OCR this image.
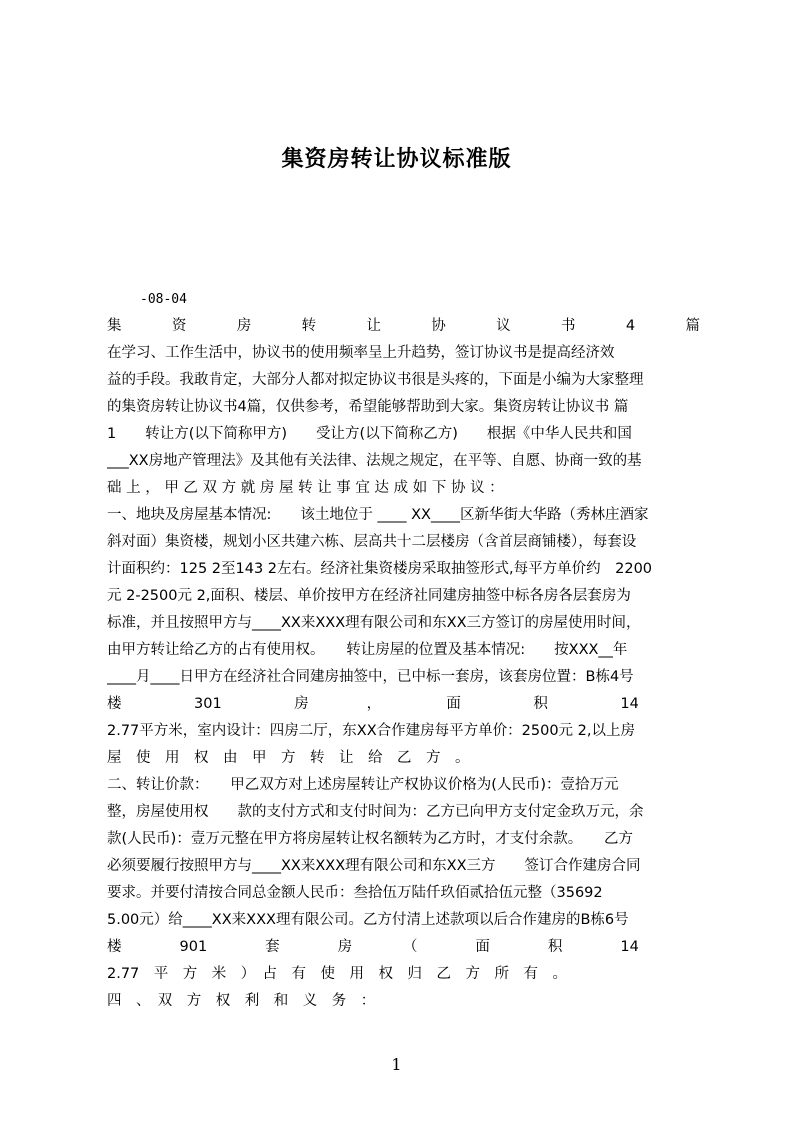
集资房转让协议标准版
-08-04
集	资	房	转	让	协	议	书	4	篇
在学习、工作生活中，协议书的使用频率呈上升趋势，签订协议书是提高经济效
益的手段。我敢肯定，大部分人都对拟定协议书很是头疼的，下面是小编为大家整理
的集资房转让协议书4篇，仅供参考，希望能够帮助到大家。集资房转让协议书 篇
1　　转让方(以下简称甲方)　　受让方(以下简称乙方)　　根据《中华人民共和国
___XX房地产管理法》及其他有关法律、法规之规定，在平等、自愿、协商一致的基
础 上 ， 甲 乙 双 方 就 房 屋 转 让 事 宜 达 成 如 下 协 议 ：
一、地块及房屋基本情况:　　该土地位于 ____ XX____区新华街大华路（秀林庄酒家
斜对面）集资楼，规划小区共建六栋、层高共十二层楼房（含首层商铺楼），每套设
计面积约：125 2至143 2左右。经济社集资楼房采取抽签形式,每平方单价约　2200
元 2-2500元 2,面积、楼层、单价按甲方在经济社同建房抽签中标各房各层套房为
标准，并且按照甲方与____XX来XXX理有限公司和东XX三方签订的房屋使用时间，
由甲方转让给乙方的占有使用权。　　转让房屋的位置及基本情况:　　按XXX__年
____月____日甲方在经济社合同建房抽签中，已中标一套房，该套房位置：B栋4号
楼　　　　　301　　　　　房　　　　，　　　　　面　　　　　积　　　　　14
2.77平方米，室内设计：四房二厅，东XX合作建房每平方单价：2500元 2,以上房
屋　使　用　权　由　甲　方　转　让　给　乙　方　。
二、转让价款：　　甲乙双方对上述房屋转让产权协议价格为(人民币)：壹拾万元
整，房屋使用权　　款的支付方式和支付时间为：乙方已向甲方支付定金玖万元，余
款(人民币)：壹万元整在甲方将房屋转让权名额转为乙方时，才支付余款。　　乙方
必须要履行按照甲方与____XX来XXX理有限公司和东XX三方　　签订合作建房合同
要求。并要付清按合同总金额人民币：叁拾伍万陆仟玖佰贰拾伍元整（35692
5.00元）给____XX来XXX理有限公司。乙方付清上述款项以后合作建房的B栋6号
楼　　　　901　　　　套　　　　房　　　　（　　　　面　　　　积　　　　14
2.77　平　方　米　）　占　有　使　用　权　归　乙　方　所　有　。
四　、　双　方　权　利　和　义　务　：
1
